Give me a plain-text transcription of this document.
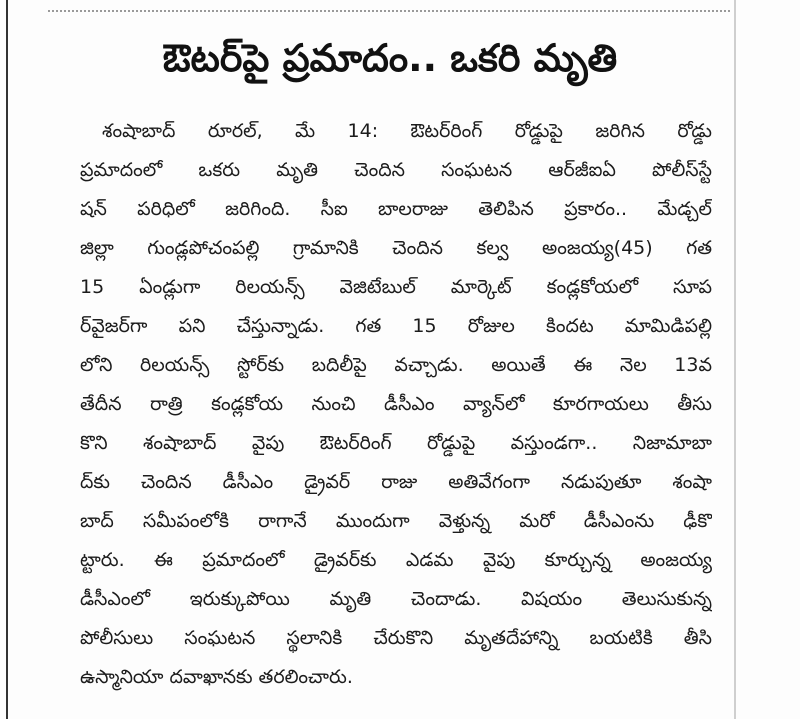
ఔటర్‌పై ప్రమాదం.. ఒకరి మృతి
శంషాబాద్ రూరల్, మే 14: ఔటర్‌రింగ్ రోడ్డుపై జరిగిన రోడ్డు
ప్రమాదంలో ఒకరు మృతి చెందిన సంఘటన ఆర్‌జీఐఏ పోలీస్‌స్టే
షన్ పరిధిలో జరిగింది. సీఐ బాలరాజు తెలిపిన ప్రకారం.. మేడ్చల్
జిల్లా గుండ్లపోచంపల్లి గ్రామానికి చెందిన కల్వ అంజయ్య(45) గత
15 ఏండ్లుగా రిలయన్స్ వెజిటేబుల్ మార్కెట్ కండ్లకోయలో సూప
ర్‌వైజర్‌గా పని చేస్తున్నాడు. గత 15 రోజుల కిందట మామిడిపల్లి
లోని రిలయన్స్ స్టోర్‌కు బదిలీపై వచ్చాడు. అయితే ఈ నెల 13వ
తేదీన రాత్రి కండ్లకోయ నుంచి డీసీఎం వ్యాన్‌లో కూరగాయలు తీసు
కొని శంషాబాద్ వైపు ఔటర్‌రింగ్ రోడ్డుపై వస్తుండగా.. నిజామాబా
ద్‌కు చెందిన డీసీఎం డ్రైవర్ రాజు అతివేగంగా నడుపుతూ శంషా
బాద్ సమీపంలోకి రాగానే ముందుగా వెళ్తున్న మరో డీసీఎంను ఢీకొ
ట్టారు. ఈ ప్రమాదంలో డ్రైవర్‌కు ఎడమ వైపు కూర్చున్న అంజయ్య
డీసీఎంలో ఇరుక్కుపోయి మృతి చెందాడు. విషయం తెలుసుకున్న
పోలీసులు సంఘటన స్థలానికి చేరుకొని మృతదేహాన్ని బయటికి తీసి
ఉస్మానియా దవాఖానకు తరలించారు.
